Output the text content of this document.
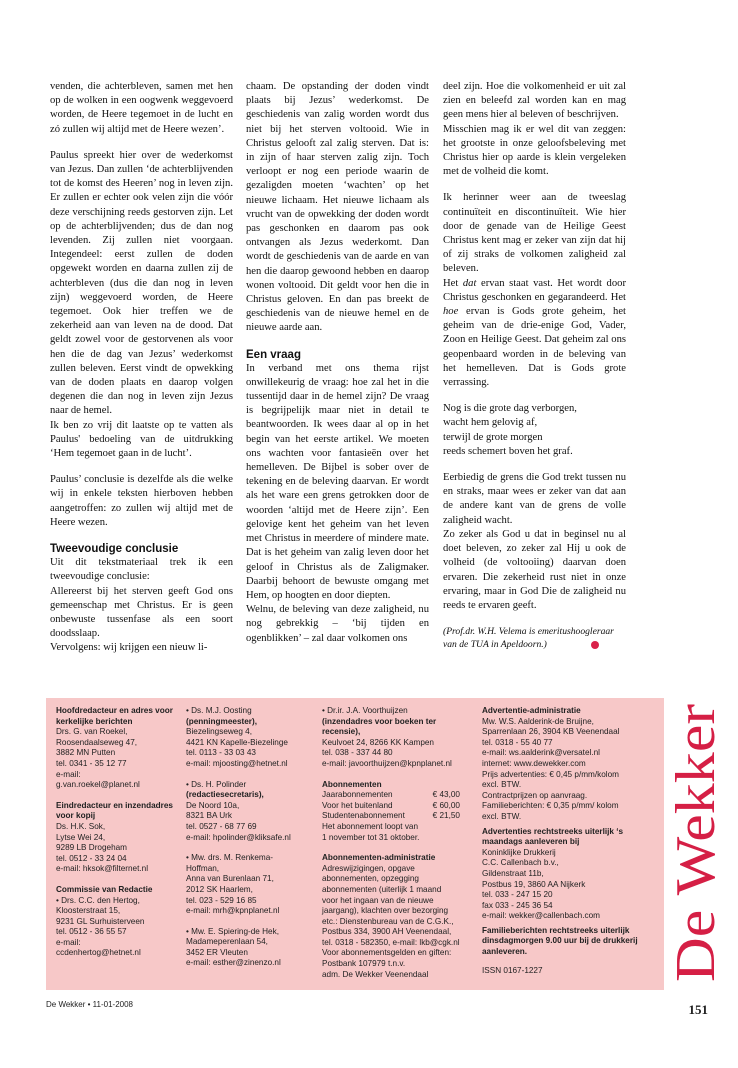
venden, die achterbleven, samen met hen op de wolken in een oogwenk weggevoerd worden, de Heere tegemoet in de lucht en zó zullen wij altijd met de Heere wezen’.

Paulus spreekt hier over de wederkomst van Jezus. Dan zullen ‘de achterblijvenden tot de komst des Heeren’ nog in leven zijn. Er zullen er echter ook velen zijn die vóór deze verschijning reeds gestorven zijn. Let op de achterblijvenden; dus de dan nog levenden. Zij zullen niet voorgaan. Integendeel: eerst zullen de doden opgewekt worden en daarna zullen zij de achterbleven (dus die dan nog in leven zijn) weggevoerd worden, de Heere tegemoet. Ook hier treffen we de zekerheid aan van leven na de dood. Dat geldt zowel voor de gestorvenen als voor hen die de dag van Jezus’ wederkomst zullen beleven. Eerst vindt de opwekking van de doden plaats en daarop volgen degenen die dan nog in leven zijn Jezus naar de hemel.

Ik ben zo vrij dit laatste op te vatten als Paulus' bedoeling van de uitdrukking ‘Hem tegemoet gaan in de lucht’.

Paulus’ conclusie is dezelfde als die welke wij in enkele teksten hierboven hebben aangetroffen: zo zullen wij altijd met de Heere wezen.

Tweevoudige conclusie

Uit dit tekstmateriaal trek ik een tweevoudige conclusie:

Allereerst bij het sterven geeft God ons gemeenschap met Christus. Er is geen onbewuste tussenfase als een soort doodsslaap.

Vervolgens: wij krijgen een nieuw li-

chaam. De opstanding der doden vindt plaats bij Jezus’ wederkomst. De geschiedenis van zalig worden wordt dus niet bij het sterven voltooid. Wie in Christus gelooft zal zalig sterven. Dat is: in zijn of haar sterven zalig zijn. Toch verloopt er nog een periode waarin de gezaligden moeten ‘wachten’ op het nieuwe lichaam. Het nieuwe lichaam als vrucht van de opwekking der doden wordt pas geschonken en daarom pas ook ontvangen als Jezus wederkomt. Dan wordt de geschiedenis van de aarde en van hen die daarop gewoond hebben en daarop wonen voltooid. Dit geldt voor hen die in Christus geloven. En dan pas breekt de geschiedenis van de nieuwe hemel en de nieuwe aarde aan.

Een vraag

In verband met ons thema rijst onwillekeurig de vraag: hoe zal het in die tussentijd daar in de hemel zijn? De vraag is begrijpelijk maar niet in detail te beantwoorden. Ik wees daar al op in het begin van het eerste artikel. We moeten ons wachten voor fantasieën over het hemelleven. De Bijbel is sober over de tekening en de beleving daarvan. Er wordt als het ware een grens getrokken door de woorden ‘altijd met de Heere zijn’. Een gelovige kent het geheim van het leven met Christus in meerdere of mindere mate. Dat is het geheim van zalig leven door het geloof in Christus als de Zaligmaker. Daarbij behoort de bewuste omgang met Hem, op hoogten en door diepten.

Welnu, de beleving van deze zaligheid, nu nog gebrekkig – ‘bij tijden en ogenblikken’ – zal daar volkomen ons

deel zijn. Hoe die volkomenheid er uit zal zien en beleefd zal worden kan en mag geen mens hier al beleven of beschrijven.

Misschien mag ik er wel dit van zeggen: het grootste in onze geloofsbeleving met Christus hier op aarde is klein vergeleken met de volheid die komt.

Ik herinner weer aan de tweeslag continuïteit en discontinuïteit. Wie hier door de genade van de Heilige Geest Christus kent mag er zeker van zijn dat hij of zij straks de volkomen zaligheid zal beleven.

Het dat ervan staat vast. Het wordt door Christus geschonken en gegarandeerd. Het hoe ervan is Gods grote geheim, het geheim van de drie-enige God, Vader, Zoon en Heilige Geest. Dat geheim zal ons geopenbaard worden in de beleving van het hemelleven. Dat is Gods grote verrassing.

Nog is die grote dag verborgen,
wacht hem gelovig af,
terwijl de grote morgen
reeds schemert boven het graf.

Eerbiedig de grens die God trekt tussen nu en straks, maar wees er zeker van dat aan de andere kant van de grens de volle zaligheid wacht.

Zo zeker als God u dat in beginsel nu al doet beleven, zo zeker zal Hij u ook de volheid (de voltooiing) daarvan doen ervaren. Die zekerheid rust niet in onze ervaring, maar in God Die de zaligheid nu reeds te ervaren geeft.

(Prof.dr. W.H. Velema is emeritushoogleraar van de TUA in Apeldoorn.)
Hoofdredacteur en adres voor kerkelijke berichten
Drs. G. van Roekel,
Roosendaalseweg 47,
3882 MN Putten
tel. 0341 - 35 12 77
e-mail:
g.van.roekel@planet.nl
Eindredacteur en inzendadres voor kopij
Ds. H.K. Sok,
Lytse Wei 24,
9289 LB Drogeham
tel. 0512 - 33 24 04
e-mail: hksok@filternet.nl
Commissie van Redactie
• Drs. C.C. den Hertog,
Kloosterstraat 15,
9231 GL Surhuisterveen
tel. 0512 - 36 55 57
e-mail:
ccdenhertog@hetnet.nl
• Ds. M.J. Oosting
(penningmeester),
Biezelingseweg 4,
4421 KN Kapelle-Biezelinge
tel. 0113 - 33 03 43
e-mail: mjoosting@hetnet.nl
• Ds. H. Polinder
(redactiesecretaris),
De Noord 10a,
8321 BA Urk
tel. 0527 - 68 77 69
e-mail: hpolinder@kliksafe.nl
• Mw. drs. M. Renkema-
Hoffman,
Anna van Burenlaan 71,
2012 SK Haarlem,
tel. 023 - 529 16 85
e-mail: mrh@kpnplanet.nl
• Mw. E. Spiering-de Hek,
Madameperenlaan 54,
3452 ER Vleuten
e-mail: esther@zinenzo.nl
• Dr.ir. J.A. Voorthuijzen
(inzendadres voor boeken ter recensie),
Keulvoet 24, 8266 KK Kampen
tel. 038 - 337 44 80
e-mail: javoorthuijzen@kpnplanet.nl
Abonnementen
Jaarabonnementen	€ 43,00
Voor het buitenland	€ 60,00
Studentenabonnement	€ 21,50
Het abonnement loopt van
1 november tot 31 oktober.
Abonnementen-administratie
Adreswijzigingen, opgave
abonnementen, opzegging
abonnementen (uiterlijk 1 maand
voor het ingaan van de nieuwe
jaargang), klachten over bezorging
etc.: Dienstenbureau van de C.G.K.,
Postbus 334, 3900 AH Veenendaal,
tel. 0318 - 582350, e-mail: lkb@cgk.nl
Voor abonnementsgelden en giften:
Postbank 107979 t.n.v.
adm. De Wekker Veenendaal
Advertentie-administratie
Mw. W.S. Aalderink-de Bruijne,
Sparrenlaan 26, 3904 KB Veenendaal
tel. 0318 - 55 40 77
e-mail: ws.aalderink@versatel.nl
internet: www.dewekker.com
Prijs advertenties: € 0,45 p/mm/kolom
excl. BTW.
Contractprijzen op aanvraag.
Familieberichten: € 0,35 p/mm/ kolom
excl. BTW.
Advertenties rechtstreeks uiterlijk ‘s maandags aanleveren bij
Koninklijke Drukkerij
C.C. Callenbach b.v.,
Gildenstraat 11b,
Postbus 19, 3860 AA Nijkerk
tel. 033 - 247 15 20
fax 033 - 245 36 54
e-mail: wekker@callenbach.com
Familieberichten rechtstreeks uiterlijk dinsdagmorgen 9.00 uur bij de drukkerij aanleveren.
ISSN 0167-1227	De Wekker
De Wekker • 11-01-2008	151
